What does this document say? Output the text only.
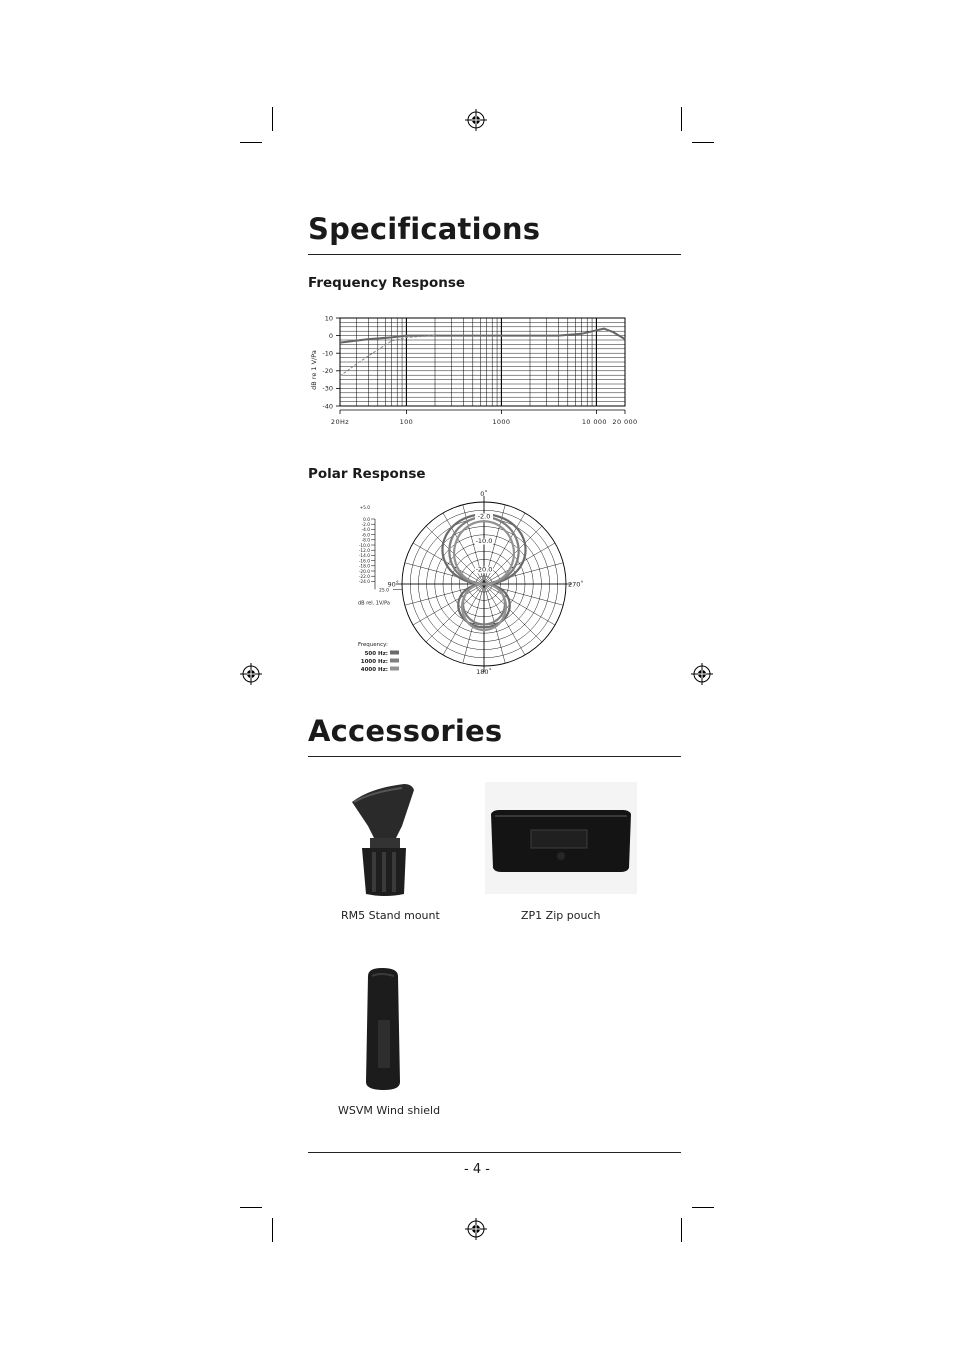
Specifications
Frequency Response
10
0
-10
-20
-30
-40
20Hz	100	1000	10 000 20 000
dB re 1 V/Pa
Polar Response
0˚
90˚	270˚
180˚
-2.0
-10.0
-20.0
+5.0
0.0
-2.0
-4.0
-6.0
-8.0
-10.0
-12.0
-14.0
-16.0
-18.0
-20.0
-22.0
-24.0
25.0
dB rel. 1V/Pa
Frequency:
500 Hz:
1000 Hz:
4000 Hz:
Accessories
RM5 Stand mount	ZP1 Zip pouch
WSVM Wind shield
- 4 -
